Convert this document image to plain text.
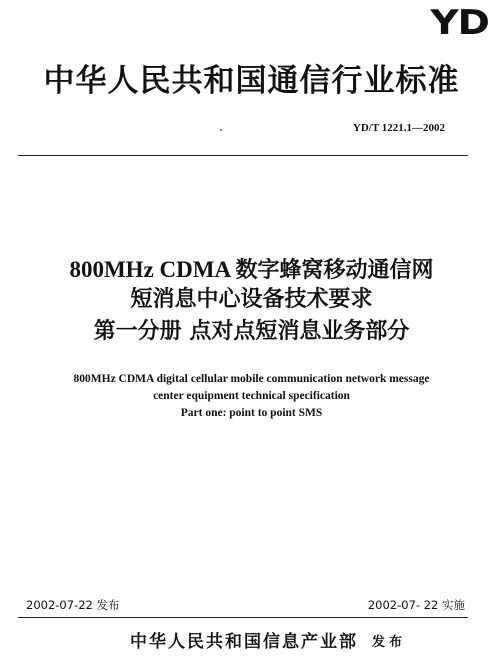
YD
中华人民共和国通信行业标准
YD/T 1221.1—2002
800MHz CDMA 数字蜂窝移动通信网
短消息中心设备技术要求
第一分册 点对点短消息业务部分
800MHz CDMA digital cellular mobile communication network message
center equipment technical specification
Part one: point to point SMS
2002-07-22 发布	2002-07- 22 实施
中华人民共和国信息产业部 发布
